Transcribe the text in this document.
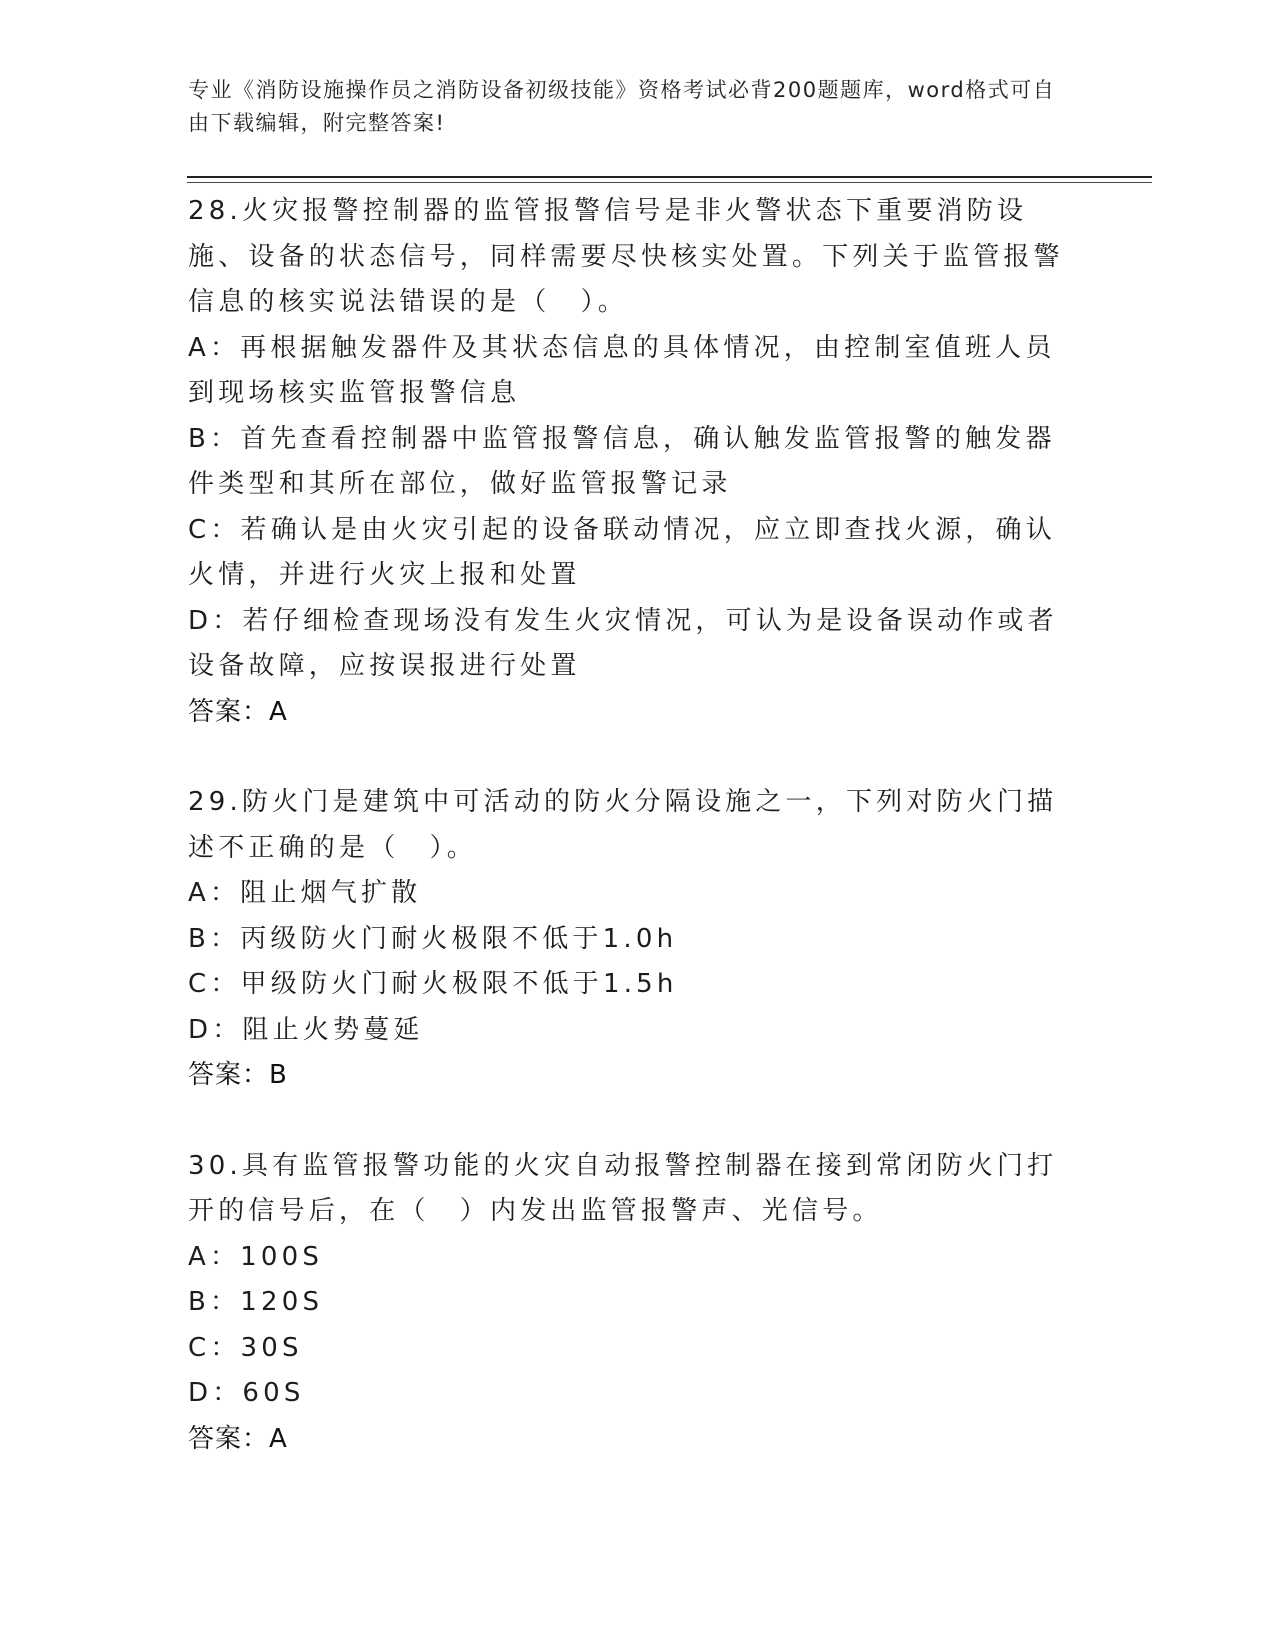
专业《消防设施操作员之消防设备初级技能》资格考试必背200题题库，word格式可自由下载编辑，附完整答案!

28.火灾报警控制器的监管报警信号是非火警状态下重要消防设施、设备的状态信号，同样需要尽快核实处置。下列关于监管报警信息的核实说法错误的是（　）。

A：再根据触发器件及其状态信息的具体情况，由控制室值班人员到现场核实监管报警信息

B：首先查看控制器中监管报警信息，确认触发监管报警的触发器件类型和其所在部位，做好监管报警记录

C：若确认是由火灾引起的设备联动情况，应立即查找火源，确认火情，并进行火灾上报和处置

D：若仔细检查现场没有发生火灾情况，可认为是设备误动作或者设备故障，应按误报进行处置

答案：A

29.防火门是建筑中可活动的防火分隔设施之一，下列对防火门描述不正确的是（　）。

A：阻止烟气扩散

B：丙级防火门耐火极限不低于1.0h

C：甲级防火门耐火极限不低于1.5h

D：阻止火势蔓延

答案：B

30.具有监管报警功能的火灾自动报警控制器在接到常闭防火门打开的信号后，在（　）内发出监管报警声、光信号。

A：100S

B：120S

C：30S

D：60S

答案：A
